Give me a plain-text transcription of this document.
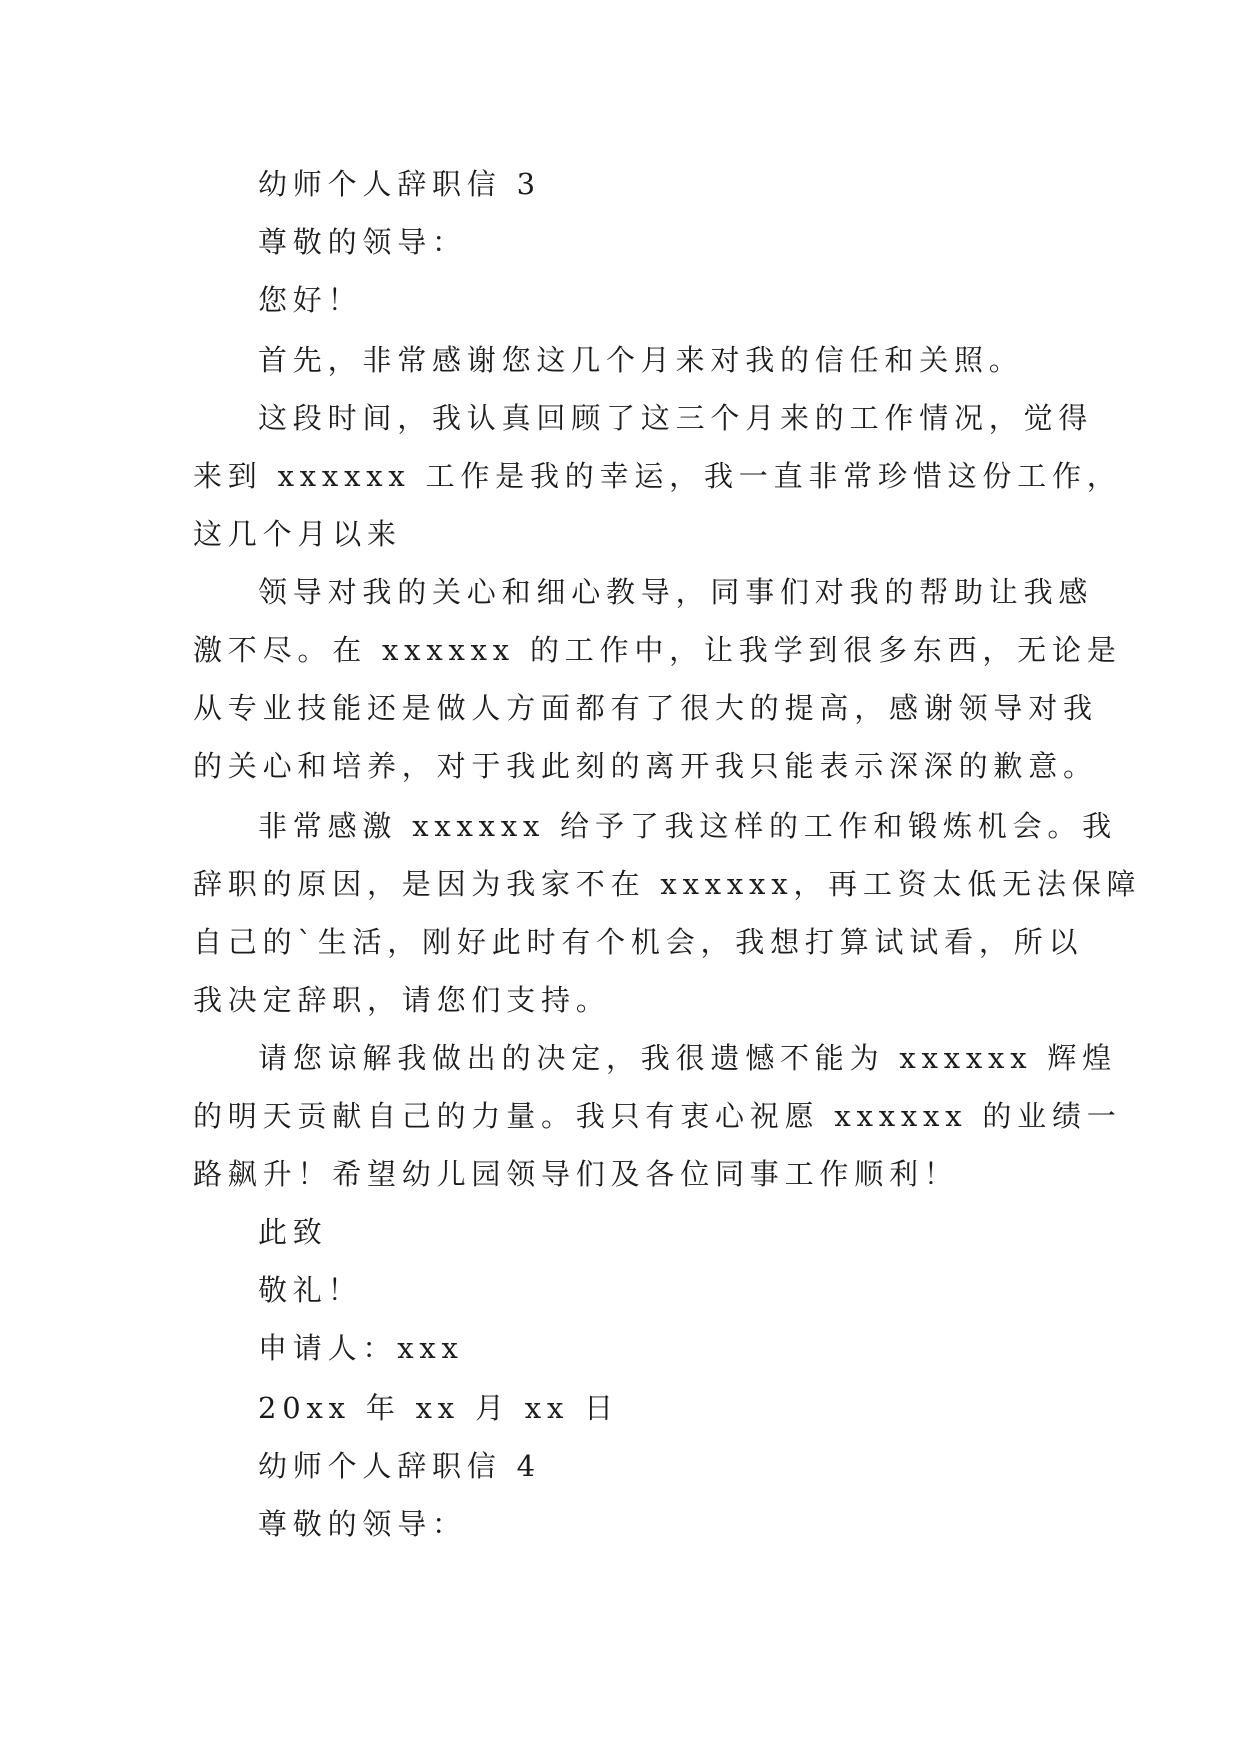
幼师个人辞职信 3

尊敬的领导：

您好！

首先，非常感谢您这几个月来对我的信任和关照。

这段时间，我认真回顾了这三个月来的工作情况，觉得

来到 xxxxxx 工作是我的幸运，我一直非常珍惜这份工作，

这几个月以来

领导对我的关心和细心教导，同事们对我的帮助让我感

激不尽。在 xxxxxx 的工作中，让我学到很多东西，无论是

从专业技能还是做人方面都有了很大的提高，感谢领导对我

的关心和培养，对于我此刻的离开我只能表示深深的歉意。

非常感激 xxxxxx 给予了我这样的工作和锻炼机会。我

辞职的原因，是因为我家不在 xxxxxx，再工资太低无法保障

自己的`生活，刚好此时有个机会，我想打算试试看，所以

我决定辞职，请您们支持。

请您谅解我做出的决定，我很遗憾不能为 xxxxxx 辉煌

的明天贡献自己的力量。我只有衷心祝愿 xxxxxx 的业绩一

路飙升！希望幼儿园领导们及各位同事工作顺利！

此致

敬礼！

申请人：xxx

20xx 年 xx 月 xx 日

幼师个人辞职信 4

尊敬的领导：
